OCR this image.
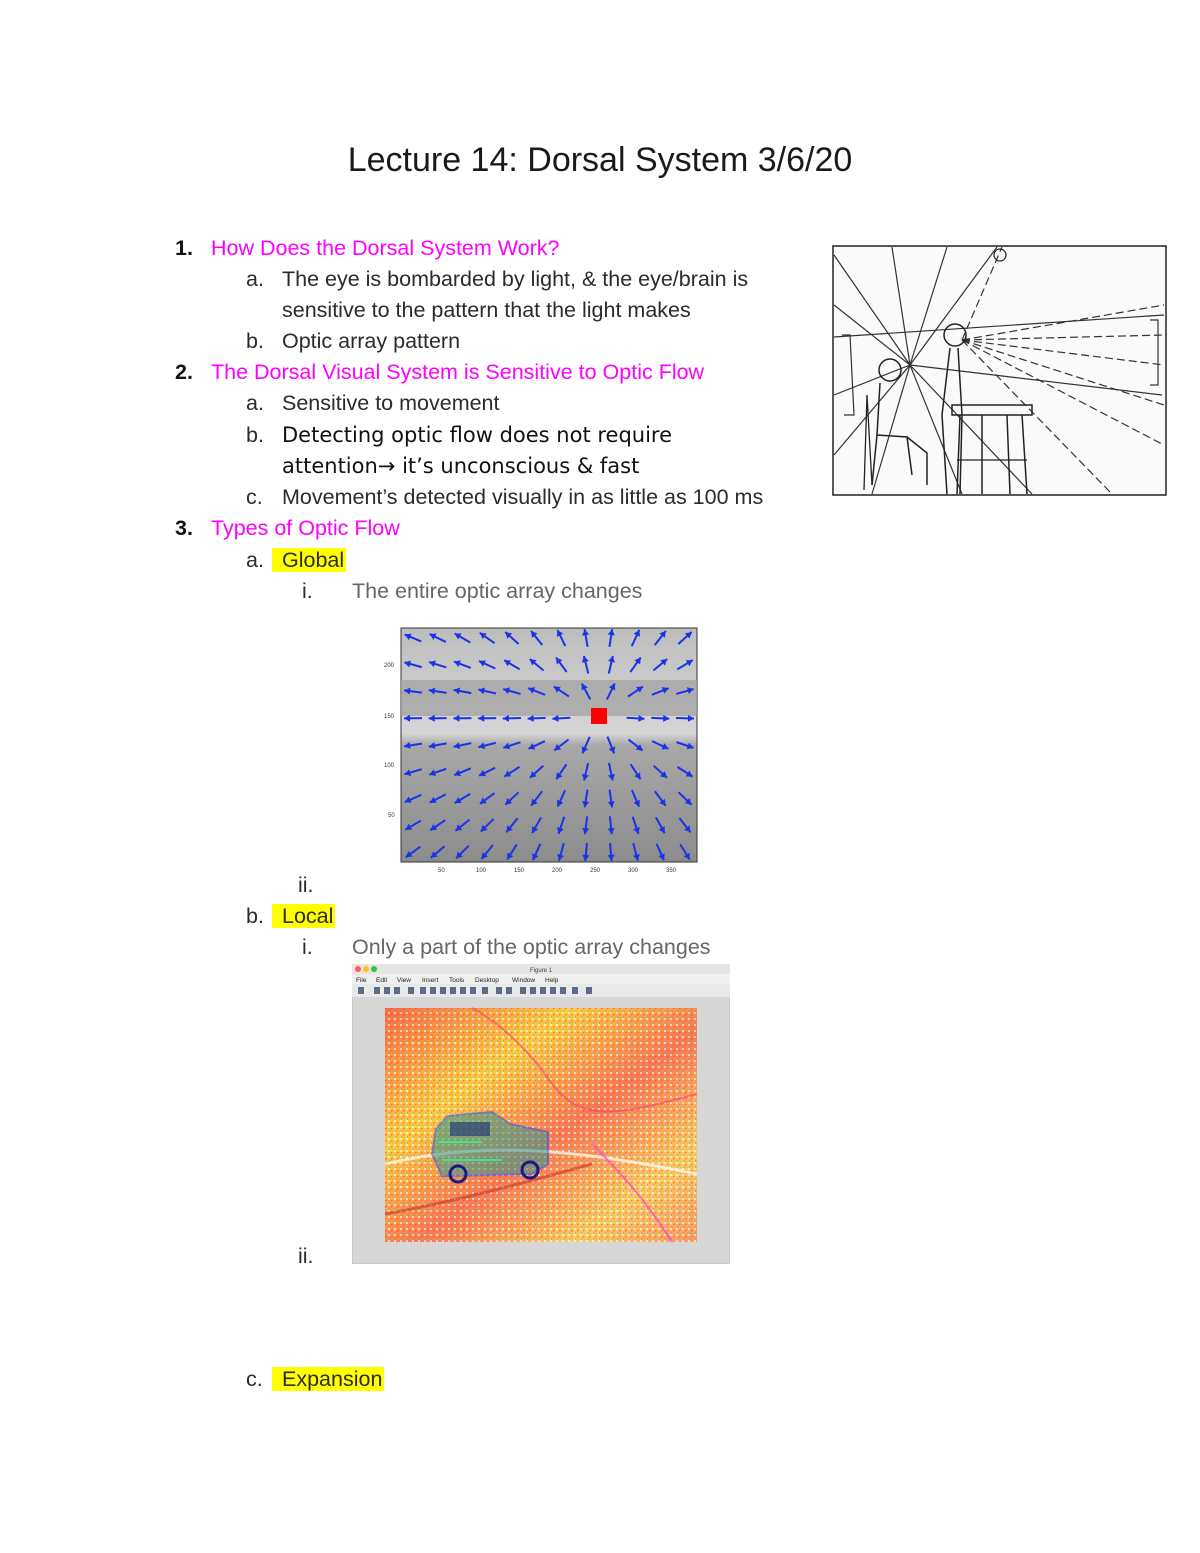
Lecture 14: Dorsal System 3/6/20
1. How Does the Dorsal System Work?
a. The eye is bombarded by light, & the eye/brain is
sensitive to the pattern that the light makes
b. Optic array pattern
2. The Dorsal Visual System is Sensitive to Optic Flow
a. Sensitive to movement
b. Detecting optic flow does not require
attention→ it’s unconscious & fast
c. Movement’s detected visually in as little as 100 ms
3. Types of Optic Flow
a. Global
i. The entire optic array changes
ii.
b. Local
i. Only a part of the optic array changes
ii.
c. Expansion
200
150
100
50
50	100	150	200	250	300	350
Figure 1
File Edit View Insert Tools Desktop Window Help
